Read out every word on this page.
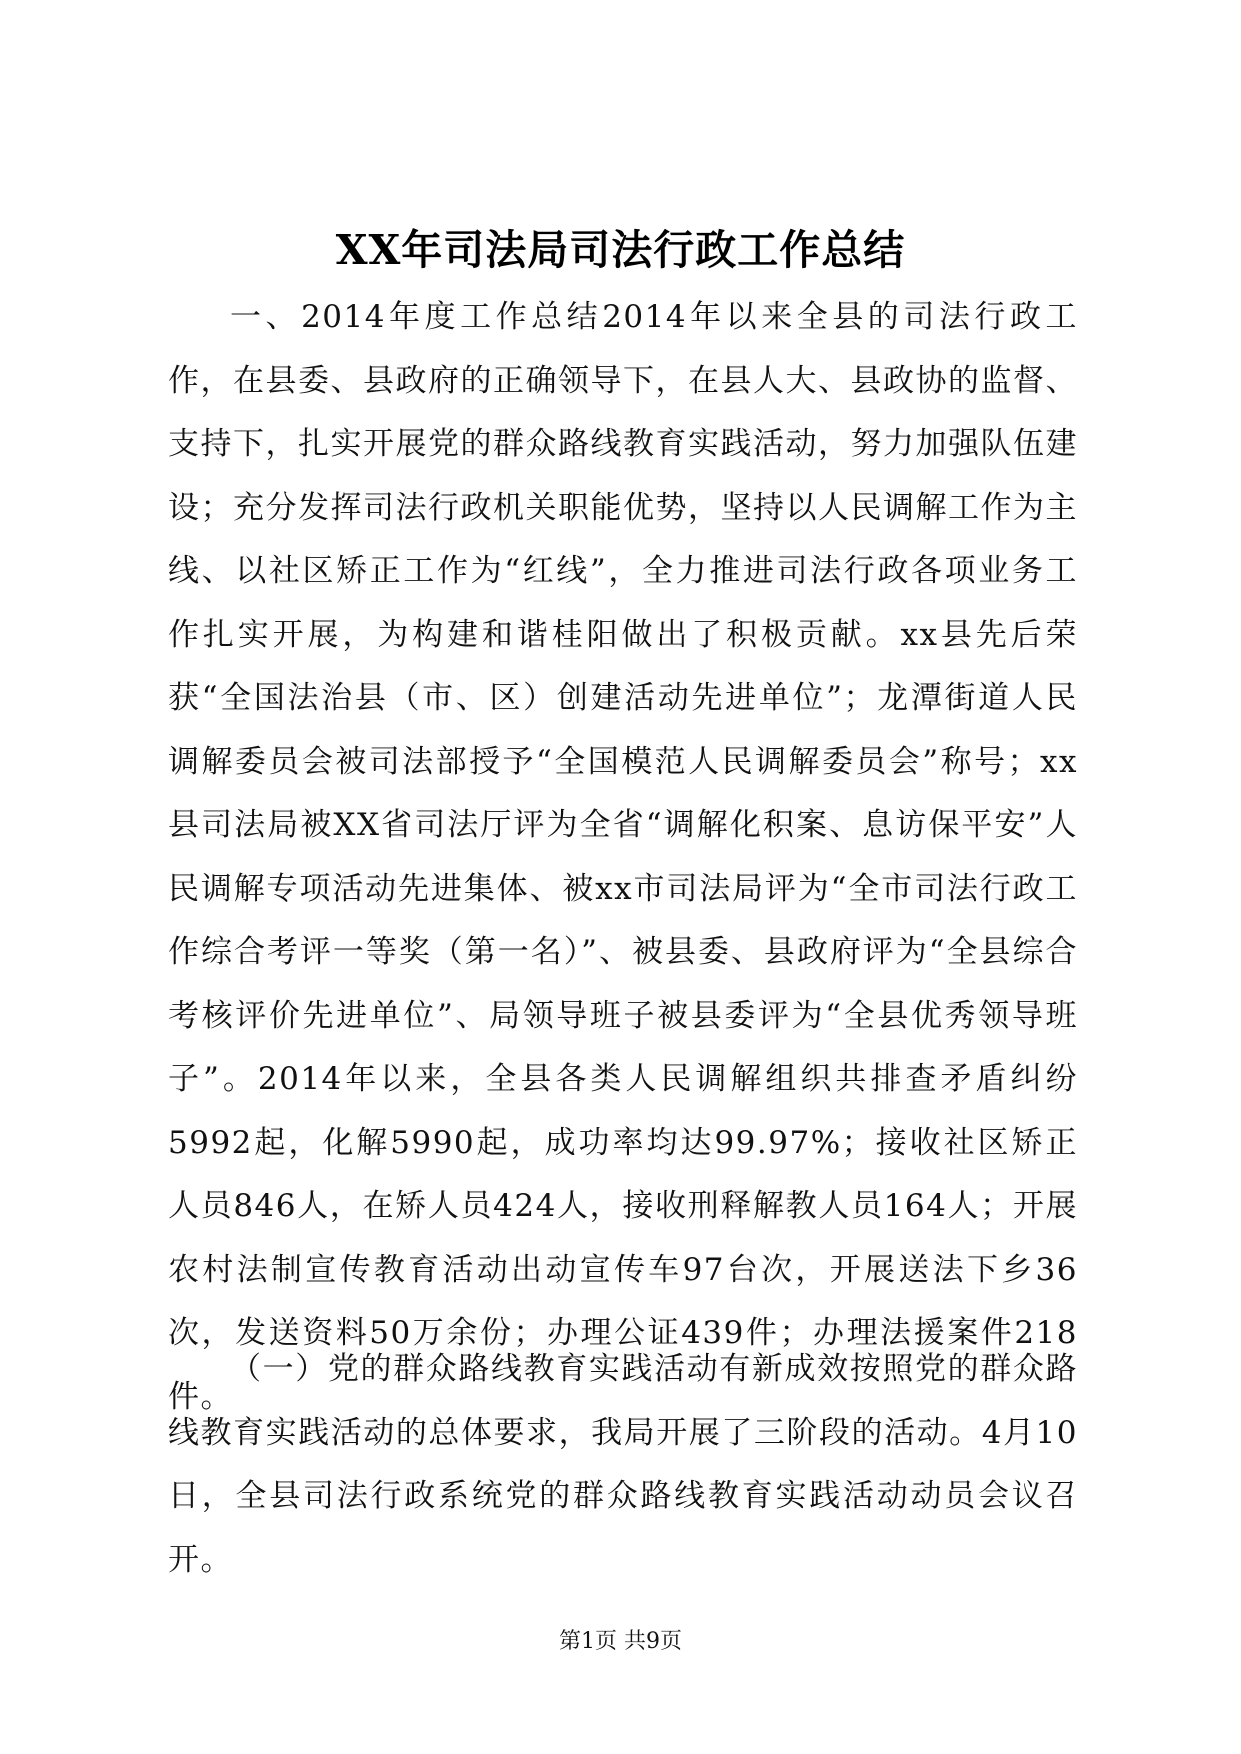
XX年司法局司法行政工作总结
一、2014年度工作总结2014年以来全县的司法行政工作，在县委、县政府的正确领导下，在县人大、县政协的监督、支持下，扎实开展党的群众路线教育实践活动，努力加强队伍建设；充分发挥司法行政机关职能优势，坚持以人民调解工作为主线、以社区矫正工作为“红线”，全力推进司法行政各项业务工作扎实开展，为构建和谐桂阳做出了积极贡献。xx县先后荣获“全国法治县（市、区）创建活动先进单位”；龙潭街道人民调解委员会被司法部授予“全国模范人民调解委员会”称号；xx县司法局被XX省司法厅评为全省“调解化积案、息访保平安”人民调解专项活动先进集体、被xx市司法局评为“全市司法行政工作综合考评一等奖（第一名）”、被县委、县政府评为“全县综合考核评价先进单位”、局领导班子被县委评为“全县优秀领导班子”。2014年以来，全县各类人民调解组织共排查矛盾纠纷5992起，化解5990起，成功率均达99.97%；接收社区矫正人员846人，在矫人员424人，接收刑释解教人员164人；开展农村法制宣传教育活动出动宣传车97台次，开展送法下乡36次，发送资料50万余份；办理公证439件；办理法援案件218件。
（一）党的群众路线教育实践活动有新成效按照党的群众路线教育实践活动的总体要求，我局开展了三阶段的活动。4月10日，全县司法行政系统党的群众路线教育实践活动动员会议召开。
第1页 共9页
